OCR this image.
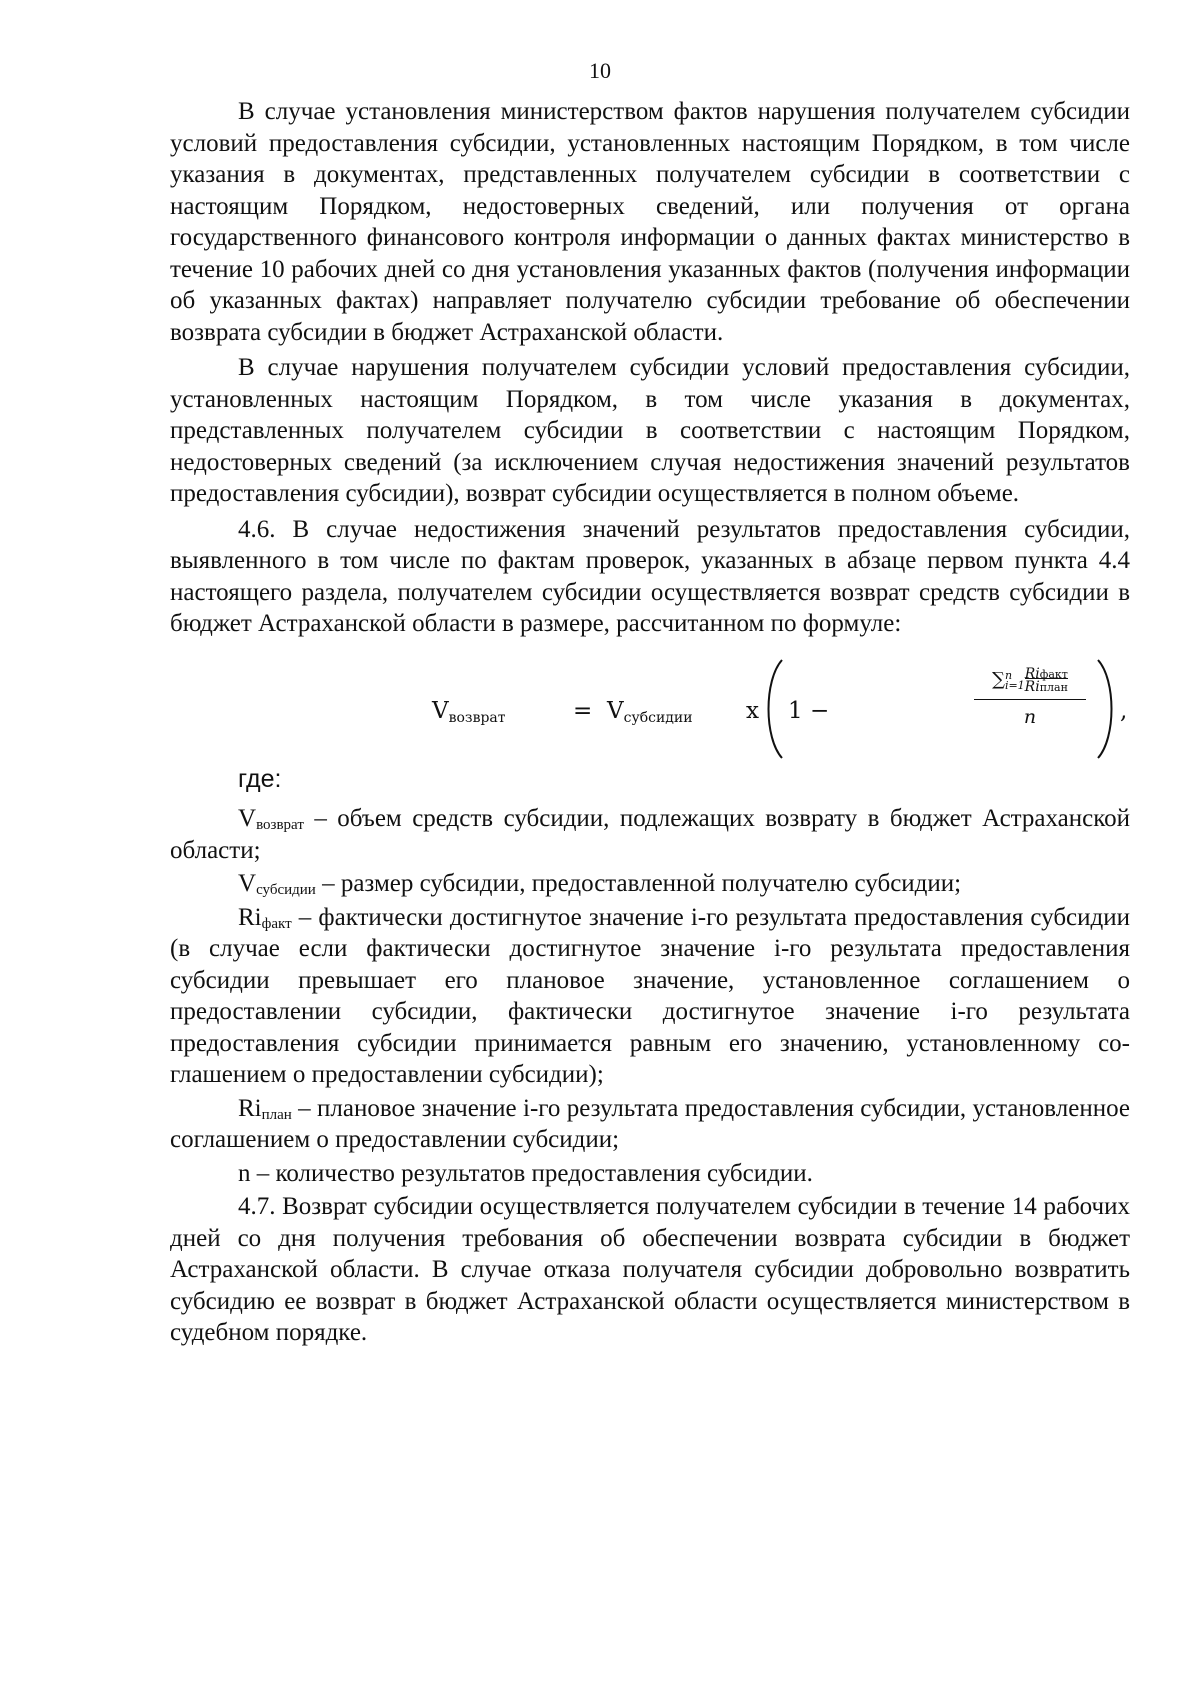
10

В случае установления министерством фактов нарушения получателем субсидии условий предоставления субсидии, установленных настоящим Порядком, в том числе указания в документах, представленных получателем субсидии в соответствии с настоящим Порядком, недостоверных сведений, или получения от органа государственного финансового контроля информации о данных фактах министерство в течение 10 рабочих дней со дня установления указанных фактов (получения информации об указанных фактах) направляет получателю субсидии требование об обеспечении возврата субсидии в бюджет Астраханской области.

В случае нарушения получателем субсидии условий предоставления субсидии, установленных настоящим Порядком, в том числе указания в документах, представленных получателем субсидии в соответствии с настоящим Порядком, недостоверных сведений (за исключением случая недостижения значений результатов предоставления субсидии), возврат субсидии осуществляется в полном объеме.

4.6. В случае недостижения значений результатов предоставления субсидии, выявленного в том числе по фактам проверок, указанных в абзаце первом пункта 4.4 настоящего раздела, получателем субсидии осуществляется возврат средств субсидии в бюджет Астраханской области в размере, рассчитанном по формуле:

$V_{возврат}$	= $V_{субсидии}$ x 1 −
∑n
$i=1\frac{\text{Riфакт}}{\text{Riплан}}$
n	,
где:

$V_{возврат}$ – объем средств субсидии, подлежащих возврату в бюджет Астраханской области;

$V_{субсидии}$ – размер субсидии, предоставленной получателю субсидии;

$Ri_{факт}$ – фактически достигнутое значение i-го результата предоставления субсидии (в случае если фактически достигнутое значение i-го результата предоставления субсидии превышает его плановое значение, установленное соглашением о предоставлении субсидии, фактически достигнутое значение i-го результата предоставления субсидии принимается равным его значению, установленному соглашением о предоставлении субсидии);

$Ri_{план}$ – плановое значение i-го результата предоставления субсидии, установленное соглашением о предоставлении субсидии;

n – количество результатов предоставления субсидии.

4.7. Возврат субсидии осуществляется получателем субсидии в течение 14 рабочих дней со дня получения требования об обеспечении возврата субсидии в бюджет Астраханской области. В случае отказа получателя субсидии добровольно возвратить субсидию ее возврат в бюджет Астраханской области осуществляется министерством в судебном порядке.
